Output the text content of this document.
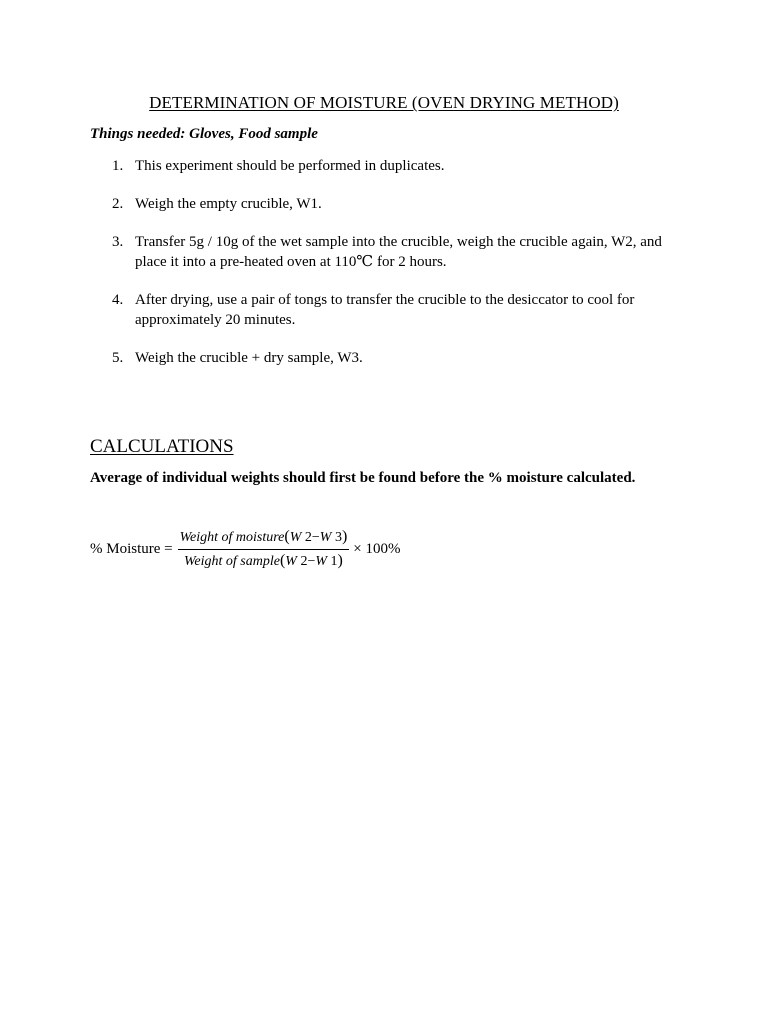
DETERMINATION OF MOISTURE (OVEN DRYING METHOD)
Things needed: Gloves, Food sample
1. This experiment should be performed in duplicates.
2. Weigh the empty crucible, W1.
3. Transfer 5g / 10g of the wet sample into the crucible, weigh the crucible again, W2, and
place it into a pre-heated oven at 110℃ for 2 hours.
4. After drying, use a pair of tongs to transfer the crucible to the desiccator to cool for
approximately 20 minutes.
5. Weigh the crucible + dry sample, W3.
CALCULATIONS
Average of individual weights should first be found before the % moisture calculated.
% Moisture = $\frac{\text{Weight of moisture(W 2−W 3)}}{\text{Weight of sample(W 2−W 1)}} \times 100\%$
